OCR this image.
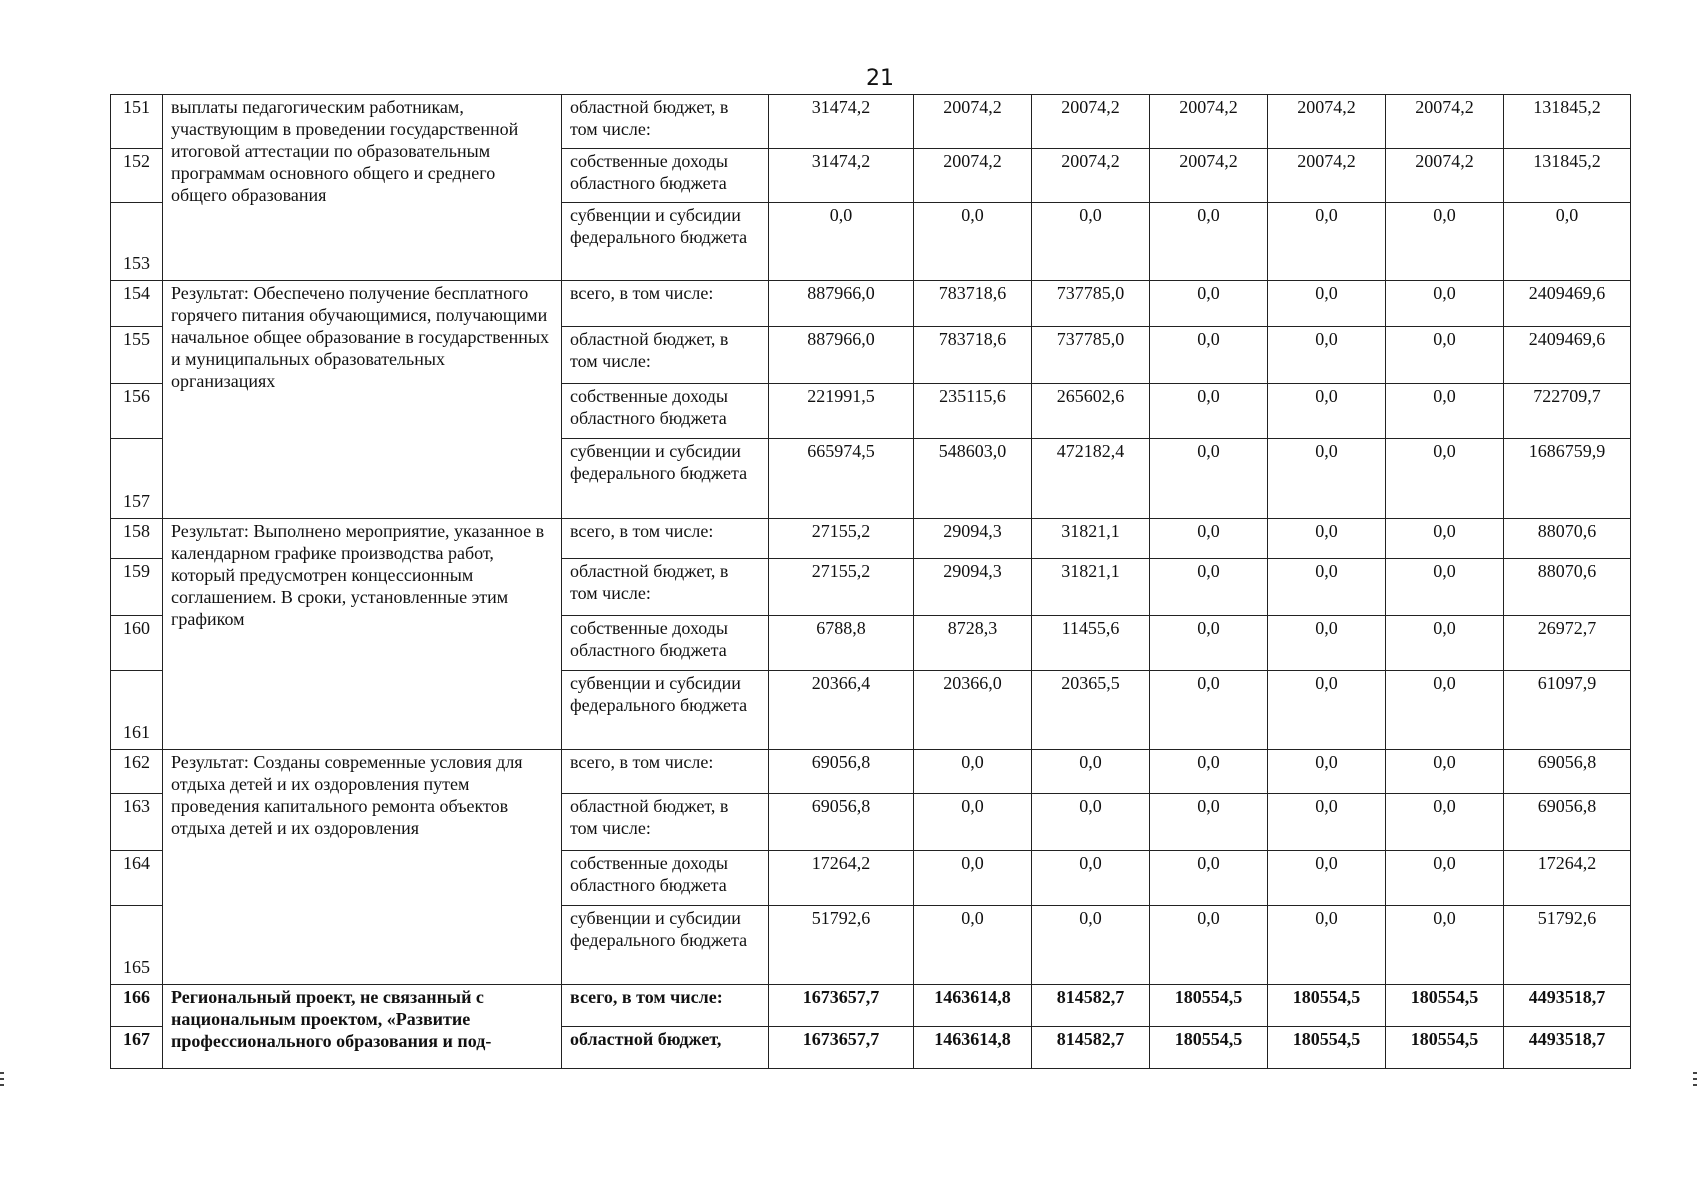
21
151	выплаты педагогическим работникам, участвующим в проведении государственной итоговой аттестации по образовательным программам основного общего и среднего общего образования	областной бюджет, в том числе:	31474,2	20074,2	20074,2	20074,2	20074,2	20074,2	131845,2
152		собственные доходы областного бюджета	31474,2	20074,2	20074,2	20074,2	20074,2	20074,2	131845,2
153		субвенции и субсидии федерального бюджета	0,0	0,0	0,0	0,0	0,0	0,0	0,0
154	Результат: Обеспечено получение бесплатного горячего питания обучающимися, получающими начальное общее образование в государственных и муниципальных образовательных организациях	всего, в том числе:	887966,0	783718,6	737785,0	0,0	0,0	0,0	2409469,6
155		областной бюджет, в том числе:	887966,0	783718,6	737785,0	0,0	0,0	0,0	2409469,6
156		собственные доходы областного бюджета	221991,5	235115,6	265602,6	0,0	0,0	0,0	722709,7
157		субвенции и субсидии федерального бюджета	665974,5	548603,0	472182,4	0,0	0,0	0,0	1686759,9
158	Результат: Выполнено мероприятие, указанное в календарном графике производства работ, который предусмотрен концессионным соглашением. В сроки, установленные этим графиком	всего, в том числе:	27155,2	29094,3	31821,1	0,0	0,0	0,0	88070,6
159		областной бюджет, в том числе:	27155,2	29094,3	31821,1	0,0	0,0	0,0	88070,6
160		собственные доходы областного бюджета	6788,8	8728,3	11455,6	0,0	0,0	0,0	26972,7
161		субвенции и субсидии федерального бюджета	20366,4	20366,0	20365,5	0,0	0,0	0,0	61097,9
162	Результат: Созданы современные условия для отдыха детей и их оздоровления путем проведения капитального ремонта объектов отдыха детей и их оздоровления	всего, в том числе:	69056,8	0,0	0,0	0,0	0,0	0,0	69056,8
163		областной бюджет, в том числе:	69056,8	0,0	0,0	0,0	0,0	0,0	69056,8
164		собственные доходы областного бюджета	17264,2	0,0	0,0	0,0	0,0	0,0	17264,2
165		субвенции и субсидии федерального бюджета	51792,6	0,0	0,0	0,0	0,0	0,0	51792,6
166	Региональный проект, не связанный с национальным проектом, «Развитие профессионального образования и под-	всего, в том числе:	1673657,7	1463614,8	814582,7	180554,5	180554,5	180554,5	4493518,7
167		областной бюджет,	1673657,7	1463614,8	814582,7	180554,5	180554,5	180554,5	4493518,7
